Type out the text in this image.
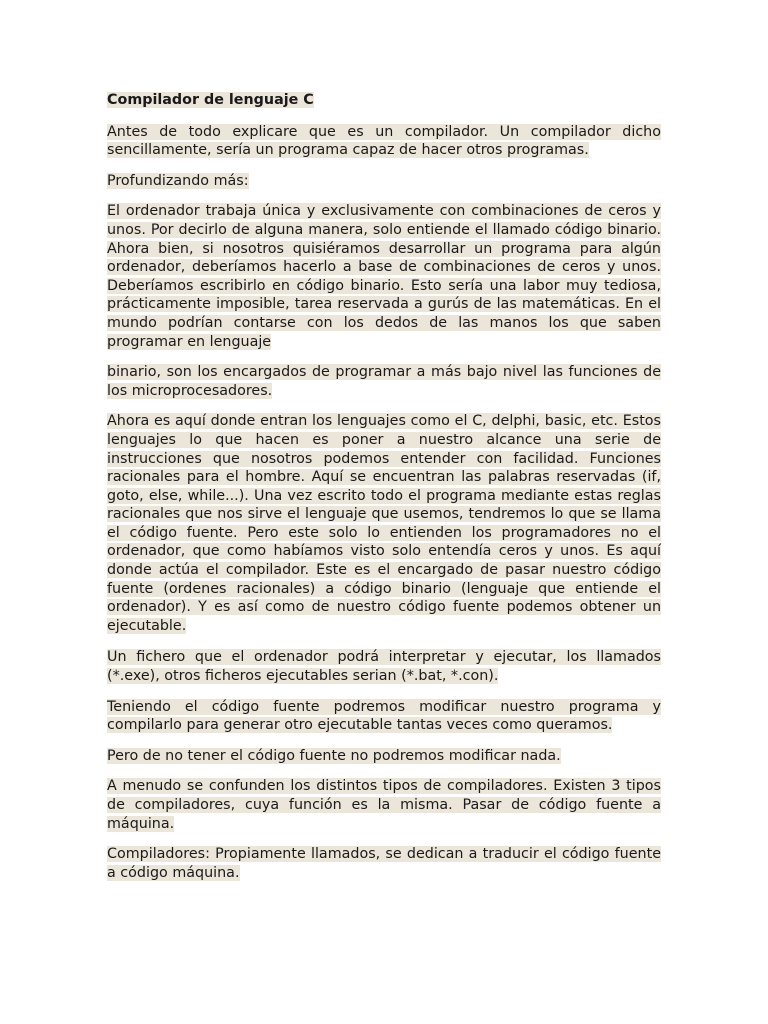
Compilador de lenguaje C
Antes de todo explicare que es un compilador. Un compilador dicho sencillamente, sería un programa capaz de hacer otros programas.
Profundizando más:
El ordenador trabaja única y exclusivamente con combinaciones de ceros y unos. Por decirlo de alguna manera, solo entiende el llamado código binario. Ahora bien, si nosotros quisiéramos desarrollar un programa para algún ordenador, deberíamos hacerlo a base de combinaciones de ceros y unos. Deberíamos escribirlo en código binario. Esto sería una labor muy tediosa, prácticamente imposible, tarea reservada a gurús de las matemáticas. En el mundo podrían contarse con los dedos de las manos los que saben programar en lenguaje
binario, son los encargados de programar a más bajo nivel las funciones de los microprocesadores.
Ahora es aquí donde entran los lenguajes como el C, delphi, basic, etc. Estos lenguajes lo que hacen es poner a nuestro alcance una serie de instrucciones que nosotros podemos entender con facilidad. Funciones racionales para el hombre. Aquí se encuentran las palabras reservadas (if, goto, else, while...). Una vez escrito todo el programa mediante estas reglas racionales que nos sirve el lenguaje que usemos, tendremos lo que se llama el código fuente. Pero este solo lo entienden los programadores no el ordenador, que como habíamos visto solo entendía ceros y unos. Es aquí donde actúa el compilador. Este es el encargado de pasar nuestro código fuente (ordenes racionales) a código binario (lenguaje que entiende el ordenador). Y es así como de nuestro código fuente podemos obtener un ejecutable.
Un fichero que el ordenador podrá interpretar y ejecutar, los llamados (*.exe), otros ficheros ejecutables serian (*.bat, *.con).
Teniendo el código fuente podremos modificar nuestro programa y compilarlo para generar otro ejecutable tantas veces como queramos.
Pero de no tener el código fuente no podremos modificar nada.
A menudo se confunden los distintos tipos de compiladores. Existen 3 tipos de compiladores, cuya función es la misma. Pasar de código fuente a máquina.
Compiladores: Propiamente llamados, se dedican a traducir el código fuente a código máquina.
